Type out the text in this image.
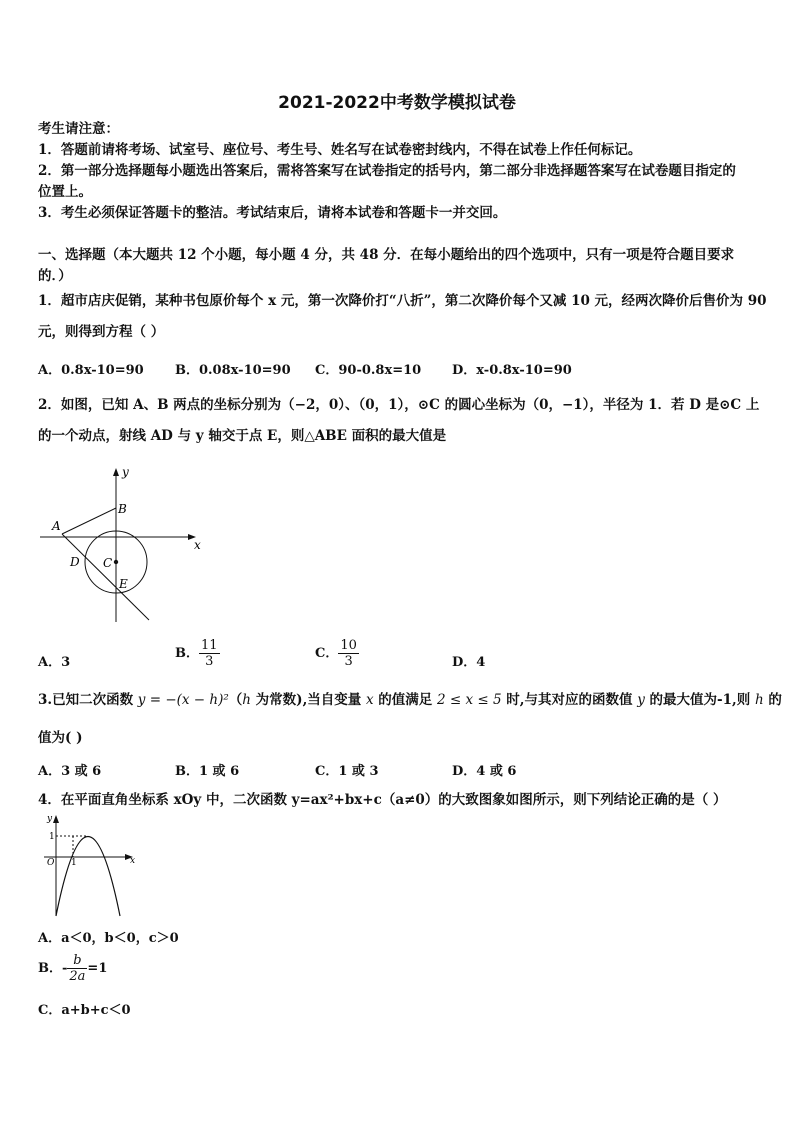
2021-2022中考数学模拟试卷
考生请注意：
1．答题前请将考场、试室号、座位号、考生号、姓名写在试卷密封线内，不得在试卷上作任何标记。
2．第一部分选择题每小题选出答案后，需将答案写在试卷指定的括号内，第二部分非选择题答案写在试卷题目指定的
位置上。
3．考生必须保证答题卡的整洁。考试结束后，请将本试卷和答题卡一并交回。
一、选择题（本大题共 12 个小题，每小题 4 分，共 48 分．在每小题给出的四个选项中，只有一项是符合题目要求
的．）
1．超市店庆促销，某种书包原价每个 x 元，第一次降价打“八折”，第二次降价每个又减 10 元，经两次降价后售价为 90
元，则得到方程（ ）
A．0.8x-10=90 B．0.08x-10=90 C．90-0.8x=10 D．x-0.8x-10=90
2．如图，已知 A、B 两点的坐标分别为（−2，0）、（0，1），⊙C 的圆心坐标为（0，−1），半径为 1．若 D 是⊙C 上
的一个动点，射线 AD 与 y 轴交于点 E，则△ABE 面积的最大值是
y
x
A
B
C
D
E
A．3
B． $\frac{11}{3}$	C． $\frac{10}{3}$	D．4
3.已知二次函数 y = −(x − h)²（h 为常数),当自变量 x 的值满足 2 ≤ x ≤ 5 时,与其对应的函数值 y 的最大值为-1,则 h 的
值为( )
A．3 或 6	B．1 或 6	C．1 或 3	D．4 或 6
4．在平面直角坐标系 xOy 中，二次函数 y=ax²+bx+c（a≠0）的大致图象如图所示，则下列结论正确的是（ ）
y
x
O 1
1
A．a＜0，b＜0，c＞0
B．- $\frac{b}{2a} =1$
C．a+b+c＜0
